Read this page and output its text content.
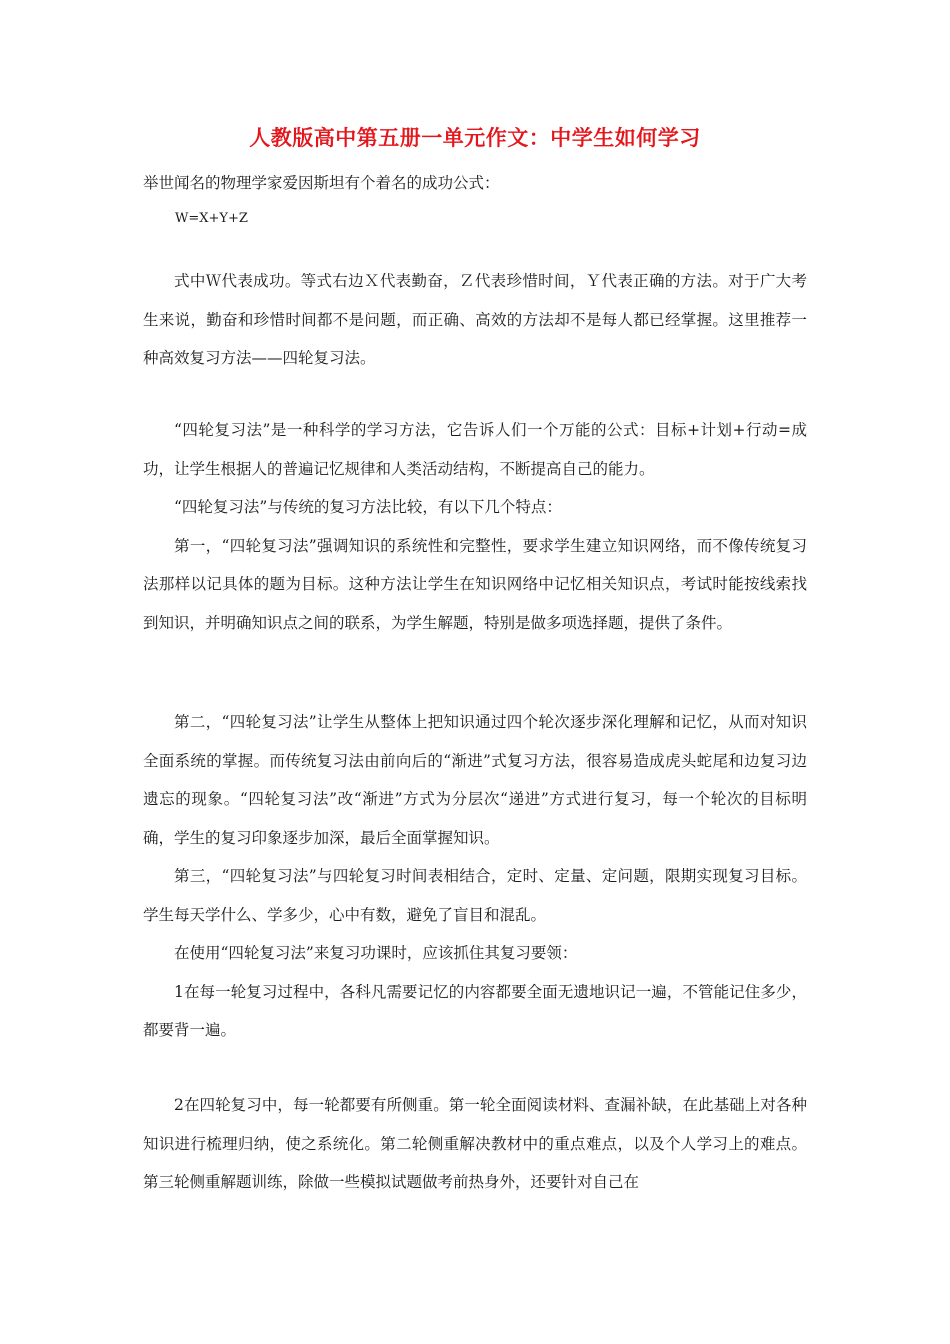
人教版高中第五册一单元作文：中学生如何学习
举世闻名的物理学家爱因斯坦有个着名的成功公式：
W=X+Y+Z

式中Ｗ代表成功。等式右边Ｘ代表勤奋，Ｚ代表珍惜时间，Ｙ代表正确的方法。对于广大考生来说，勤奋和珍惜时间都不是问题，而正确、高效的方法却不是每人都已经掌握。这里推荐一种高效复习方法——四轮复习法。

“四轮复习法”是一种科学的学习方法，它告诉人们一个万能的公式：目标+计划+行动=成功，让学生根据人的普遍记忆规律和人类活动结构，不断提高自己的能力。

“四轮复习法”与传统的复习方法比较，有以下几个特点：

第一，“四轮复习法”强调知识的系统性和完整性，要求学生建立知识网络，而不像传统复习法那样以记具体的题为目标。这种方法让学生在知识网络中记忆相关知识点，考试时能按线索找到知识，并明确知识点之间的联系，为学生解题，特别是做多项选择题，提供了条件。

第二，“四轮复习法”让学生从整体上把知识通过四个轮次逐步深化理解和记忆，从而对知识全面系统的掌握。而传统复习法由前向后的“渐进”式复习方法，很容易造成虎头蛇尾和边复习边遗忘的现象。“四轮复习法”改“渐进”方式为分层次“递进”方式进行复习，每一个轮次的目标明确，学生的复习印象逐步加深，最后全面掌握知识。

第三，“四轮复习法”与四轮复习时间表相结合，定时、定量、定问题，限期实现复习目标。学生每天学什么、学多少，心中有数，避免了盲目和混乱。

在使用“四轮复习法”来复习功课时，应该抓住其复习要领：

1在每一轮复习过程中，各科凡需要记忆的内容都要全面无遗地识记一遍，不管能记住多少，都要背一遍。

2在四轮复习中，每一轮都要有所侧重。第一轮全面阅读材料、查漏补缺，在此基础上对各种知识进行梳理归纳，使之系统化。第二轮侧重解决教材中的重点难点，以及个人学习上的难点。第三轮侧重解题训练，除做一些模拟试题做考前热身外，还要针对自己在
